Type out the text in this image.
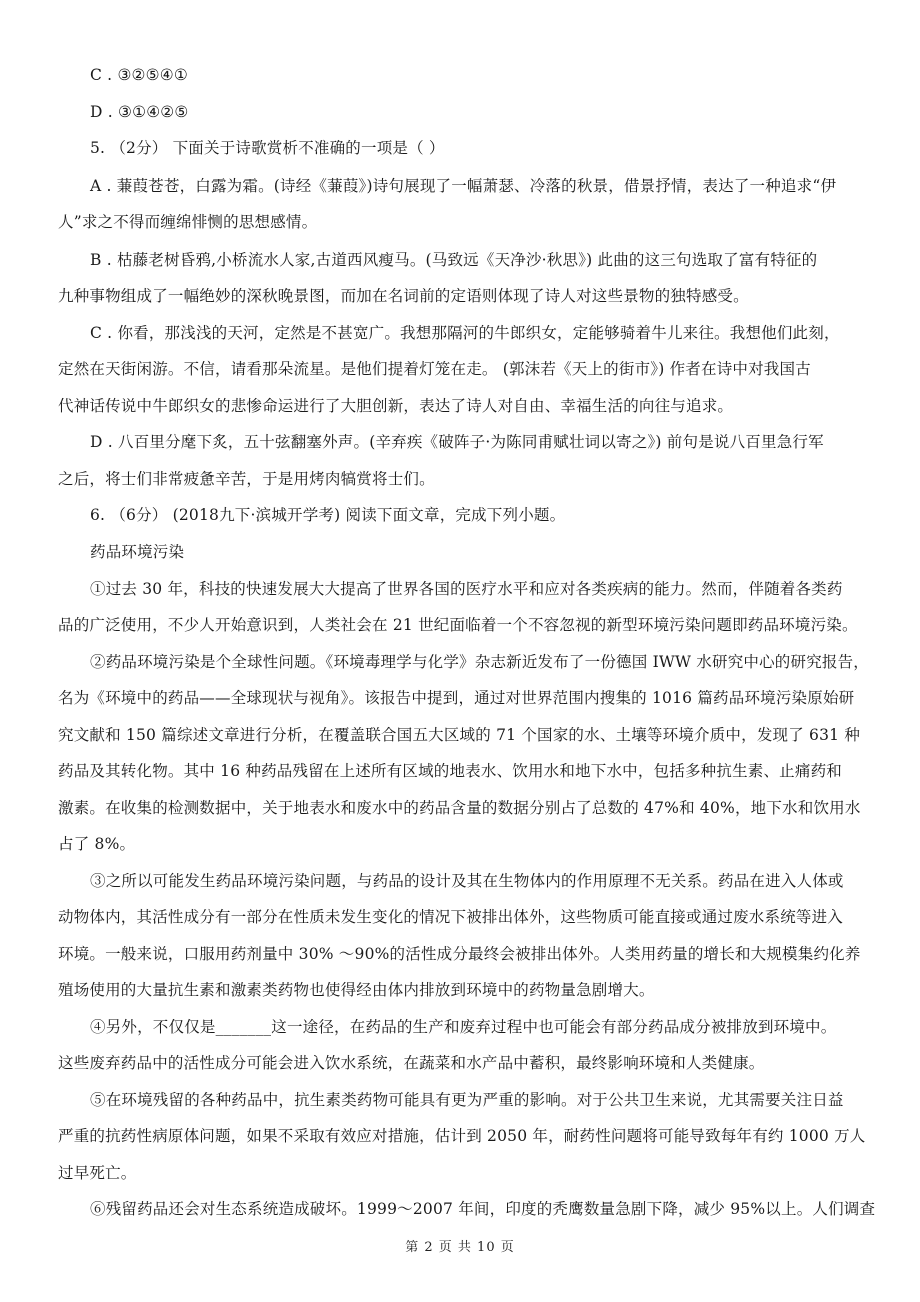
C . ③②⑤④①
D . ③①④②⑤
5. （2分） 下面关于诗歌赏析不准确的一项是（ ）
A . 蒹葭苍苍，白露为霜。(诗经《蒹葭》)诗句展现了一幅萧瑟、冷落的秋景，借景抒情，表达了一种追求“伊
人”求之不得而缠绵悱恻的思想感情。
B . 枯藤老树昏鸦,小桥流水人家,古道西风瘦马。(马致远《天净沙·秋思》) 此曲的这三句选取了富有特征的
九种事物组成了一幅绝妙的深秋晚景图，而加在名词前的定语则体现了诗人对这些景物的独特感受。
C . 你看，那浅浅的天河，定然是不甚宽广。我想那隔河的牛郎织女，定能够骑着牛儿来往。我想他们此刻，
定然在天街闲游。不信，请看那朵流星。是他们提着灯笼在走。 (郭沫若《天上的街市》) 作者在诗中对我国古
代神话传说中牛郎织女的悲惨命运进行了大胆创新，表达了诗人对自由、幸福生活的向往与追求。
D . 八百里分麾下炙，五十弦翻塞外声。(辛弃疾《破阵子·为陈同甫赋壮词以寄之》) 前句是说八百里急行军
之后，将士们非常疲惫辛苦，于是用烤肉犒赏将士们。
6. （6分） (2018九下·滨城开学考) 阅读下面文章，完成下列小题。
药品环境污染
①过去 30 年，科技的快速发展大大提高了世界各国的医疗水平和应对各类疾病的能力。然而，伴随着各类药
品的广泛使用，不少人开始意识到，人类社会在 21 世纪面临着一个不容忽视的新型环境污染问题即药品环境污染。
②药品环境污染是个全球性问题。《环境毒理学与化学》杂志新近发布了一份德国 IWW 水研究中心的研究报告，
名为《环境中的药品——全球现状与视角》。该报告中提到，通过对世界范围内搜集的 1016 篇药品环境污染原始研
究文献和 150 篇综述文章进行分析，在覆盖联合国五大区域的 71 个国家的水、土壤等环境介质中，发现了 631 种
药品及其转化物。其中 16 种药品残留在上述所有区域的地表水、饮用水和地下水中，包括多种抗生素、止痛药和
激素。在收集的检测数据中，关于地表水和废水中的药品含量的数据分别占了总数的 47%和 40%，地下水和饮用水
占了 8%。
③之所以可能发生药品环境污染问题，与药品的设计及其在生物体内的作用原理不无关系。药品在进入人体或
动物体内，其活性成分有一部分在性质未发生变化的情况下被排出体外，这些物质可能直接或通过废水系统等进入
环境。一般来说，口服用药剂量中 30% ～90%的活性成分最终会被排出体外。人类用药量的增长和大规模集约化养
殖场使用的大量抗生素和激素类药物也使得经由体内排放到环境中的药物量急剧增大。
④另外，不仅仅是_______这一途径，在药品的生产和废弃过程中也可能会有部分药品成分被排放到环境中。
这些废弃药品中的活性成分可能会进入饮水系统，在蔬菜和水产品中蓄积，最终影响环境和人类健康。
⑤在环境残留的各种药品中，抗生素类药物可能具有更为严重的影响。对于公共卫生来说，尤其需要关注日益
严重的抗药性病原体问题，如果不采取有效应对措施，估计到 2050 年，耐药性问题将可能导致每年有约 1000 万人
过早死亡。
⑥残留药品还会对生态系统造成破坏。1999～2007 年间，印度的秃鹰数量急剧下降，减少 95%以上。人们调查
第 2 页 共 10 页
